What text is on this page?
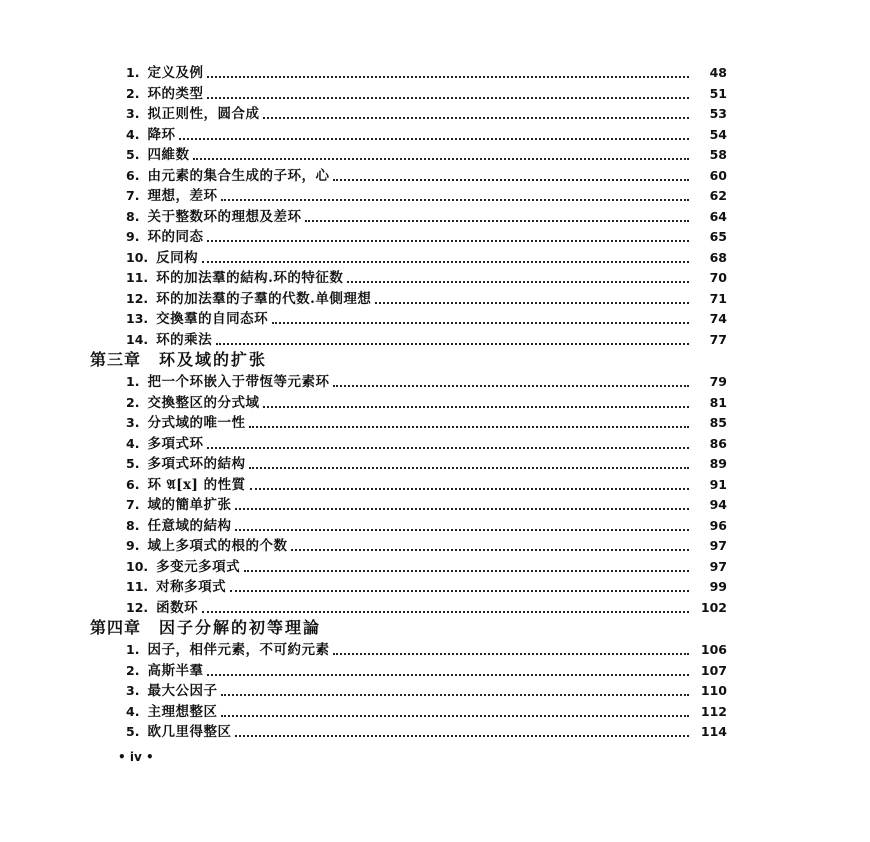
1. 定义及例	48
2. 环的类型	51
3. 拟正则性，圆合成	53
4. 降环	54
5. 四維数	58
6. 由元素的集合生成的子环，心	60
7. 理想，差环	62
8. 关于整数环的理想及差环	64
9. 环的同态	65
10. 反同构	68
11. 环的加法羣的結构.环的特征数	70
12. 环的加法羣的子羣的代数.单側理想	71
13. 交換羣的自同态环	74
14. 环的乘法	77
第三章 环及域的扩张
1. 把一个环嵌入于带恆等元素环	79
2. 交換整区的分式域	81
3. 分式域的唯一性	85
4. 多項式环	86
5. 多項式环的結构	89
6. 环 𝔄[x] 的性質	91
7. 域的簡单扩张	94
8. 任意域的結构	96
9. 域上多項式的根的个数	97
10. 多变元多項式	97
11. 对称多項式	99
12. 函数环	102
第四章 因子分解的初等理論
1. 因子，相伴元素，不可約元素	106
2. 高斯半羣	107
3. 最大公因子	110
4. 主理想整区	112
5. 欧几里得整区	114
• iv •
